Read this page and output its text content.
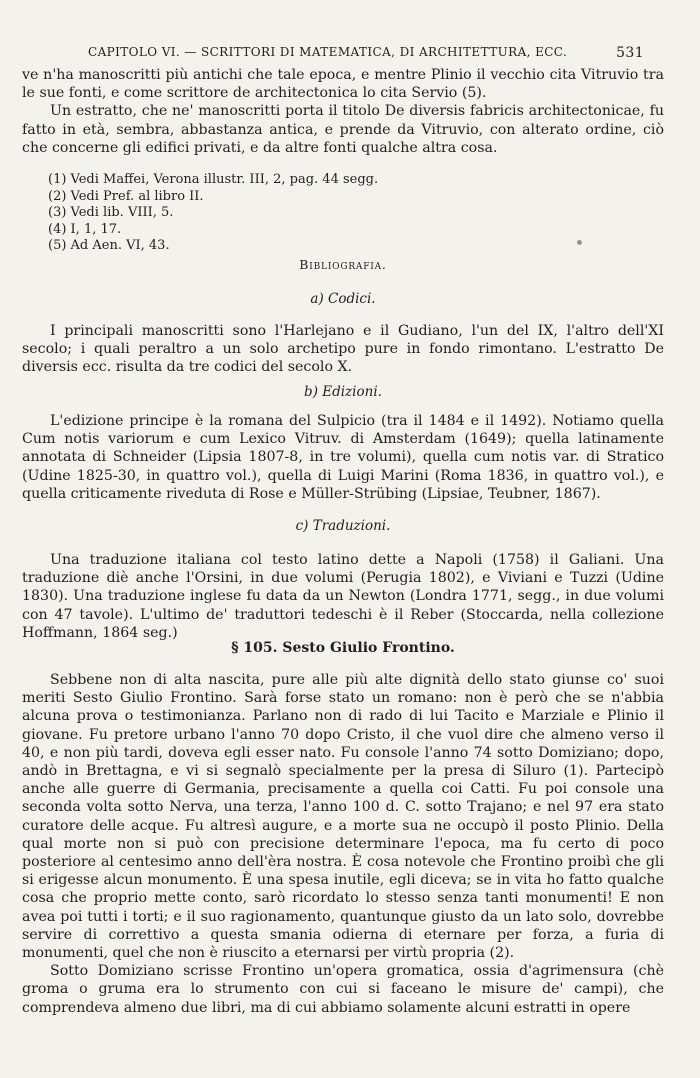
CAPITOLO VI. — SCRITTORI DI MATEMATICA, DI ARCHITETTURA, ECC.	531

ve n'ha manoscritti più antichi che tale epoca, e mentre Plinio il vecchio cita Vitruvio tra le sue fonti, e come scrittore de architectonica lo cita Servio (5).

Un estratto, che ne' manoscritti porta il titolo De diversis fabricis architectonicae, fu fatto in età, sembra, abbastanza antica, e prende da Vitruvio, con alterato ordine, ciò che concerne gli edifici privati, e da altre fonti qualche altra cosa.

(1) Vedi Maffei, Verona illustr. III, 2, pag. 44 segg.
(2) Vedi Pref. al libro II.
(3) Vedi lib. VIII, 5.
(4) I, 1, 17.
(5) Ad Aen. VI, 43.
Bibliografia.
a) Codici.

I principali manoscritti sono l'Harlejano e il Gudiano, l'un del IX, l'altro dell'XI secolo; i quali peraltro a un solo archetipo pure in fondo rimontano. L'estratto De diversis ecc. risulta da tre codici del secolo X.

b) Edizioni.

L'edizione principe è la romana del Sulpicio (tra il 1484 e il 1492). Notiamo quella Cum notis variorum e cum Lexico Vitruv. di Amsterdam (1649); quella latinamente annotata di Schneider (Lipsia 1807-8, in tre volumi), quella cum notis var. di Stratico (Udine 1825-30, in quattro vol.), quella di Luigi Marini (Roma 1836, in quattro vol.), e quella criticamente riveduta di Rose e Müller-Strübing (Lipsiae, Teubner, 1867).

c) Traduzioni.

Una traduzione italiana col testo latino dette a Napoli (1758) il Galiani. Una traduzione diè anche l'Orsini, in due volumi (Perugia 1802), e Viviani e Tuzzi (Udine 1830). Una traduzione inglese fu data da un Newton (Londra 1771, segg., in due volumi con 47 tavole). L'ultimo de' traduttori tedeschi è il Reber (Stoccarda, nella collezione Hoffmann, 1864 seg.)

§ 105. Sesto Giulio Frontino.

Sebbene non di alta nascita, pure alle più alte dignità dello stato giunse co' suoi meriti Sesto Giulio Frontino. Sarà forse stato un romano: non è però che se n'abbia alcuna prova o testimonianza. Parlano non di rado di lui Tacito e Marziale e Plinio il giovane. Fu pretore urbano l'anno 70 dopo Cristo, il che vuol dire che almeno verso il 40, e non più tardi, doveva egli esser nato. Fu console l'anno 74 sotto Domiziano; dopo, andò in Brettagna, e vi si segnalò specialmente per la presa di Siluro (1). Partecipò anche alle guerre di Germania, precisamente a quella coi Catti. Fu poi console una seconda volta sotto Nerva, una terza, l'anno 100 d. C. sotto Trajano; e nel 97 era stato curatore delle acque. Fu altresì augure, e a morte sua ne occupò il posto Plinio. Della qual morte non si può con precisione determinare l'epoca, ma fu certo di poco posteriore al centesimo anno dell'èra nostra. È cosa notevole che Frontino proibì che gli si erigesse alcun monumento. È una spesa inutile, egli diceva; se in vita ho fatto qualche cosa che proprio mette conto, sarò ricordato lo stesso senza tanti monumenti! E non avea poi tutti i torti; e il suo ragionamento, quantunque giusto da un lato solo, dovrebbe servire di correttivo a questa smania odierna di eternare per forza, a furia di monumenti, quel che non è riuscito a eternarsi per virtù propria (2).

Sotto Domiziano scrisse Frontino un'opera gromatica, ossia d'agrimensura (chè groma o gruma era lo strumento con cui si faceano le misure de' campi), che comprendeva almeno due libri, ma di cui abbiamo solamente alcuni estratti in opere
